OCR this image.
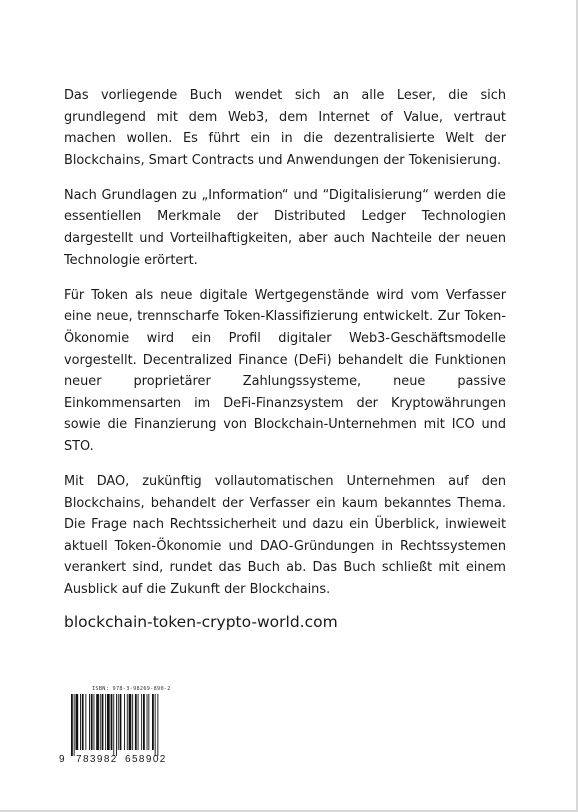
Das vorliegende Buch wendet sich an alle Leser, die sich grundlegend mit dem Web3, dem Internet of Value, vertraut machen wollen. Es führt ein in die dezentralisierte Welt der Blockchains, Smart Contracts und Anwendungen der Tokenisierung.

Nach Grundlagen zu „Information“ und “Digitalisierung“ werden die essentiellen Merkmale der Distributed Ledger Technologien dargestellt und Vorteilhaftigkeiten, aber auch Nachteile der neuen Technologie erörtert.

Für Token als neue digitale Wertgegenstände wird vom Verfasser eine neue, trennscharfe Token-Klassifizierung entwickelt. Zur Token-Ökonomie wird ein Profil digitaler Web3-Geschäftsmodelle vorgestellt. Decentralized Finance (DeFi) behandelt die Funktionen neuer proprietärer Zahlungssysteme, neue passive Einkommensarten im DeFi-Finanzsystem der Kryptowährungen sowie die Finanzierung von Blockchain-Unternehmen mit ICO und STO.

Mit DAO, zukünftig vollautomatischen Unternehmen auf den Blockchains, behandelt der Verfasser ein kaum bekanntes Thema. Die Frage nach Rechtssicherheit und dazu ein Überblick, inwieweit aktuell Token-Ökonomie und DAO-Gründungen in Rechtssystemen verankert sind, rundet das Buch ab. Das Buch schließt mit einem Ausblick auf die Zukunft der Blockchains.

blockchain-token-crypto-world.com
ISBN: 978-3-98269-890-2
9 783982 658902
